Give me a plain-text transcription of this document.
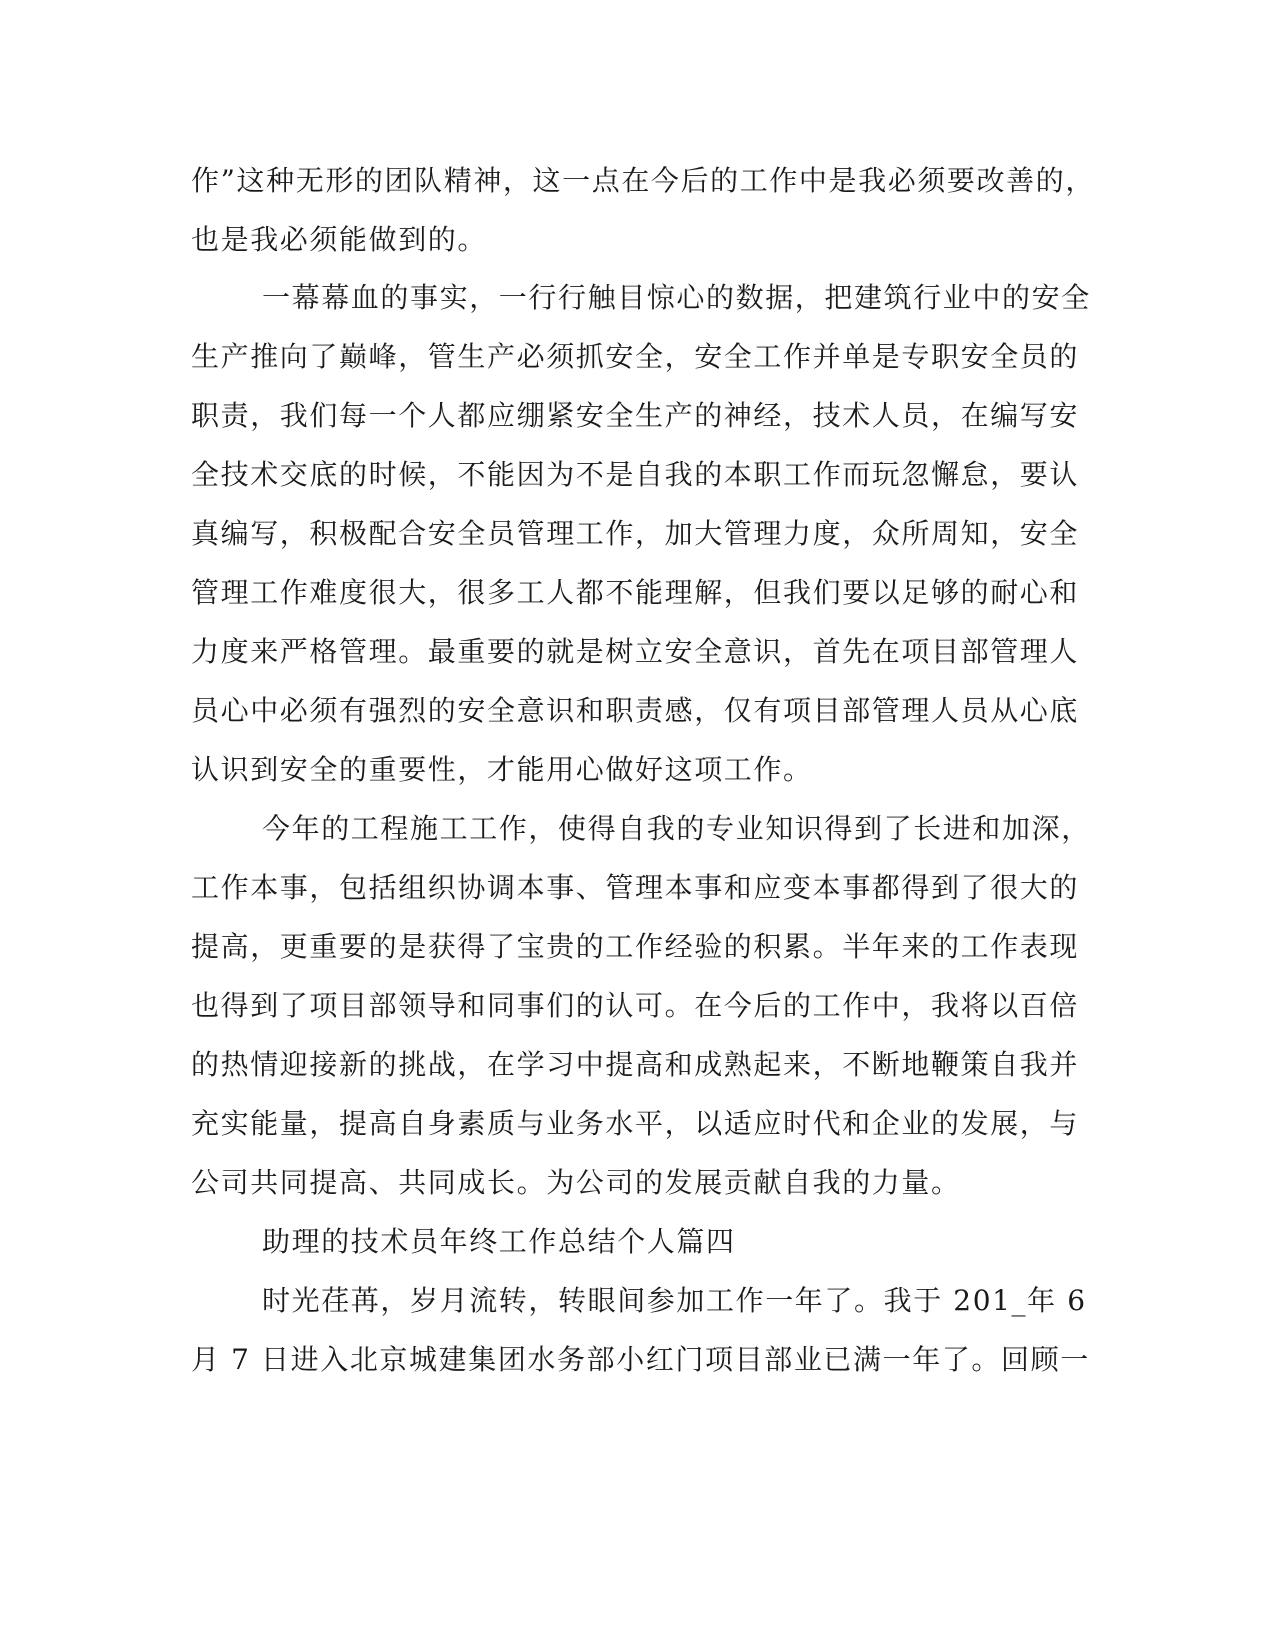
作”这种无形的团队精神，这一点在今后的工作中是我必须要改善的，
也是我必须能做到的。
一幕幕血的事实，一行行触目惊心的数据，把建筑行业中的安全
生产推向了巅峰，管生产必须抓安全，安全工作并单是专职安全员的
职责，我们每一个人都应绷紧安全生产的神经，技术人员，在编写安
全技术交底的时候，不能因为不是自我的本职工作而玩忽懈怠，要认
真编写，积极配合安全员管理工作，加大管理力度，众所周知，安全
管理工作难度很大，很多工人都不能理解，但我们要以足够的耐心和
力度来严格管理。最重要的就是树立安全意识，首先在项目部管理人
员心中必须有强烈的安全意识和职责感，仅有项目部管理人员从心底
认识到安全的重要性，才能用心做好这项工作。
今年的工程施工工作，使得自我的专业知识得到了长进和加深，
工作本事，包括组织协调本事、管理本事和应变本事都得到了很大的
提高，更重要的是获得了宝贵的工作经验的积累。半年来的工作表现
也得到了项目部领导和同事们的认可。在今后的工作中，我将以百倍
的热情迎接新的挑战，在学习中提高和成熟起来，不断地鞭策自我并
充实能量，提高自身素质与业务水平，以适应时代和企业的发展，与
公司共同提高、共同成长。为公司的发展贡献自我的力量。
助理的技术员年终工作总结个人篇四
时光荏苒，岁月流转，转眼间参加工作一年了。我于 201_年 6
月 7 日进入北京城建集团水务部小红门项目部业已满一年了。回顾一
